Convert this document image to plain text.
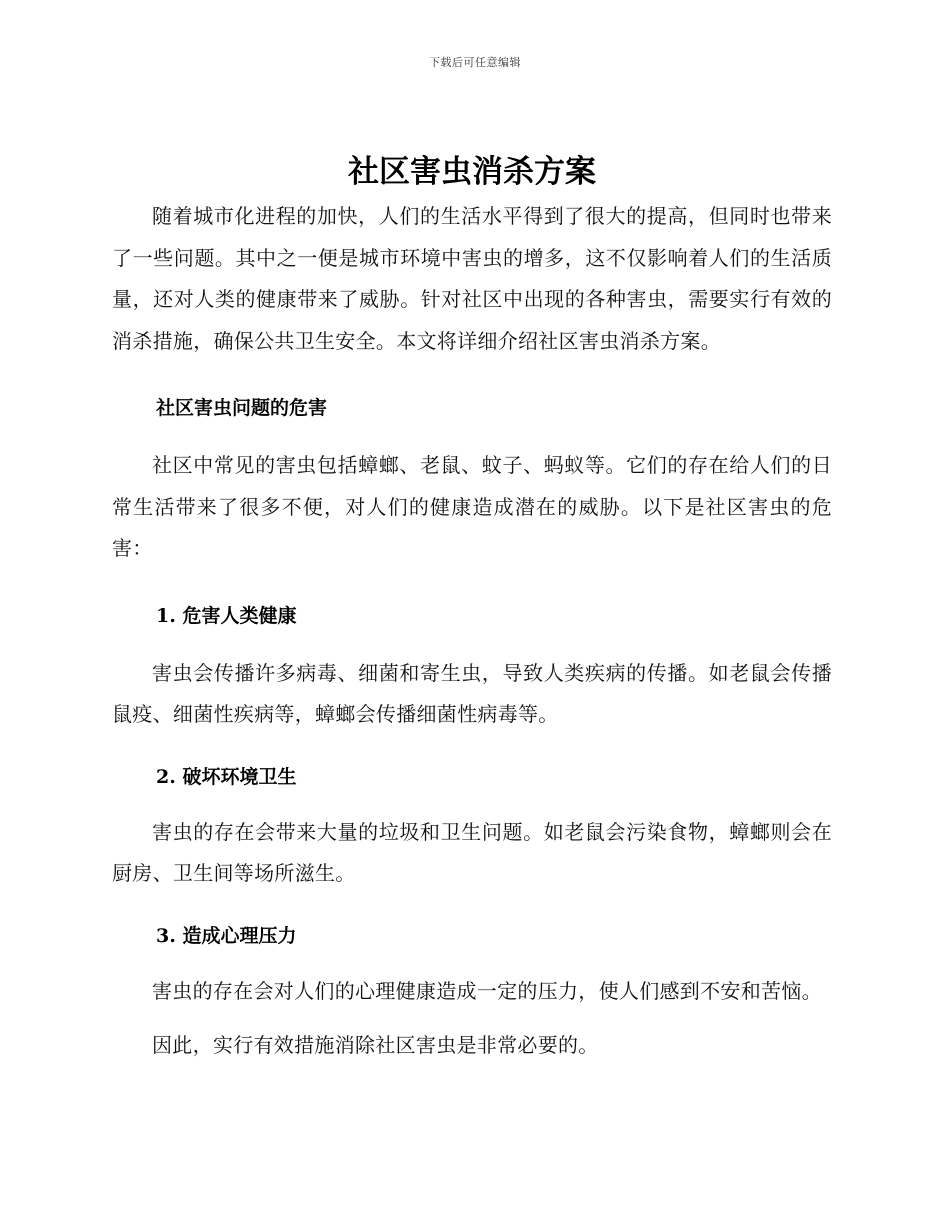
下载后可任意编辑
社区害虫消杀方案

随着城市化进程的加快，人们的生活水平得到了很大的提高，但同时也带来了一些问题。其中之一便是城市环境中害虫的增多，这不仅影响着人们的生活质量，还对人类的健康带来了威胁。针对社区中出现的各种害虫，需要实行有效的消杀措施，确保公共卫生安全。本文将详细介绍社区害虫消杀方案。

社区害虫问题的危害

社区中常见的害虫包括蟑螂、老鼠、蚊子、蚂蚁等。它们的存在给人们的日常生活带来了很多不便，对人们的健康造成潜在的威胁。以下是社区害虫的危害：

1. 危害人类健康

害虫会传播许多病毒、细菌和寄生虫，导致人类疾病的传播。如老鼠会传播鼠疫、细菌性疾病等，蟑螂会传播细菌性病毒等。

2. 破坏环境卫生

害虫的存在会带来大量的垃圾和卫生问题。如老鼠会污染食物，蟑螂则会在厨房、卫生间等场所滋生。

3. 造成心理压力

害虫的存在会对人们的心理健康造成一定的压力，使人们感到不安和苦恼。

因此，实行有效措施消除社区害虫是非常必要的。
